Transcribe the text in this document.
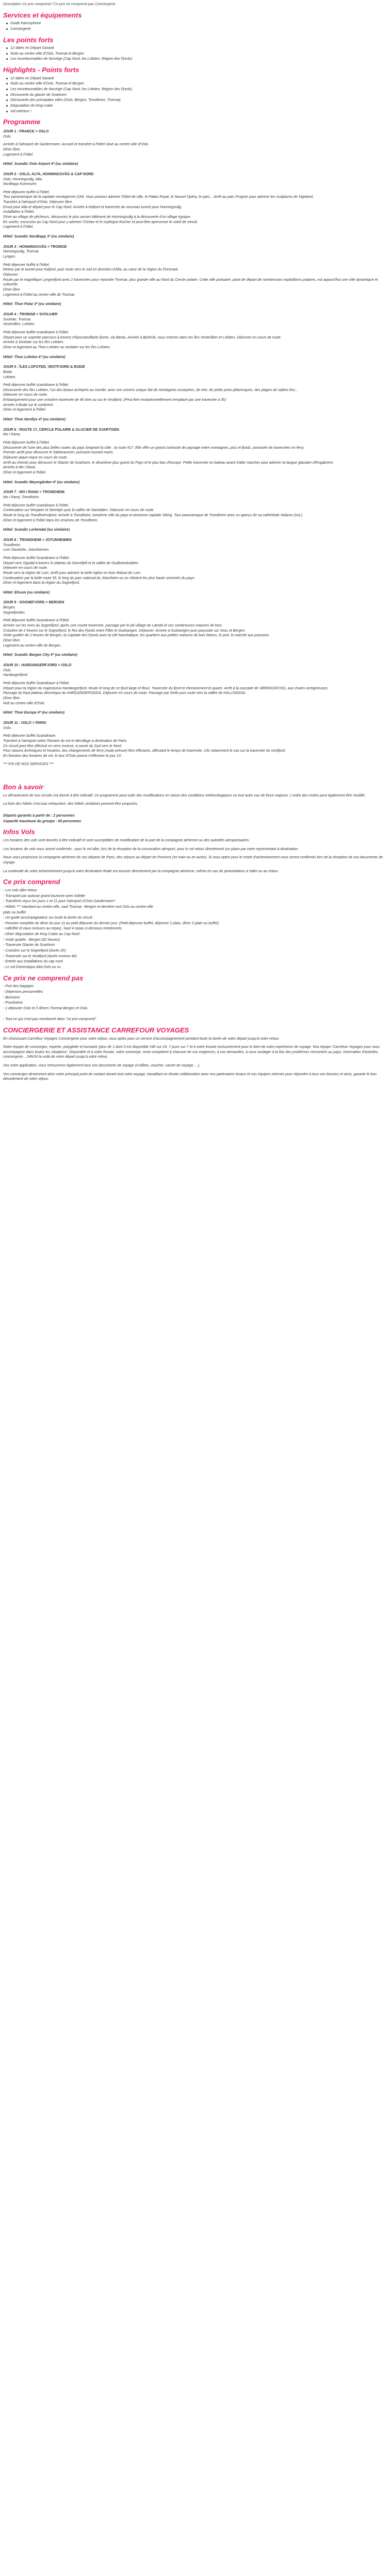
Description Ce prix comprend / Ce prix ne comprend pas Conciergerie

Services et équipements
Guide francophone
Conciergerie
Les points forts
12 dates en Départ Garanti
Nuits au centre-ville d'Oslo, Tromsø et Bergen
Les incontournables de Norvège (Cap Nord, les Lofoten, Région des Fjords)
Highlights - Points forts
12 dates en Départ Garanti
Nuits au centre-ville d'Oslo, Tromsø et Bergen
Les incontournables de Norvège (Cap Nord, les Lofoten, Région des Fjords)
Découverte du glacier de Svartisen
Découverte des principales villes (Oslo, Bergen, Trondheim, Tromsø)
Dégustation de King crabe
Vol intérieur !
Programme

JOUR 1 : FRANCE > OSLO

Oslo.

Arrivée à l'aéroport de Gardermoen. Accueil et transfert à l'hôtel situé au centre-ville d'Oslo.

Dîner libre.

Logement à l'hôtel.

Hôtel: Scandic Oslo Airport 4* (ou similaire)

JOUR 2 : OSLO, ALTA, HONNINGSVÅG & CAP NORD

Oslo, Honningsvåg, Alta.

Nordkapp Kommune.

Petit déjeuner buffet à l'hôtel.

Tour panoramique de la capitale norvégienne (1h9. Vous pourrez admirer l'hôtel de ville, le Palais Royal, le Nouvel Opéra, le parc... Arrêt au parc Frogner pour admirer les sculptures de Vigeland.

Transfert à l'aéroport d'Oslo. Déjeuner libre.

Envol pour Alta et départ pour le Cap Nord. Arrivée à Kafjord et traversée du nouveau tunnel pour Honningsvåg.

Installation à l'hôtel.

Dîner au village de pêcheurs, découvrez le plus ancien bâtiment de Honningsvåg à la découverte d'un village typique.

En soirée, excursion au Cap Nord pour y admirer l'Océan et le mythique Rocher et peut-être apercevoir le soleil de minuit.

Logement à l'hôtel.

Hôtel: Scandic Nordkapp 3* (ou similaire)

JOUR 3 : HONNINGSVÅG > TROMSØ

Honningsvåg, Tromsø.

Lyngen.

Petit déjeuner buffet à l'hôtel.

Retour par le tunnel pour Kafjord, puis route vers le sud en direction d'Alta, au cœur de la région du Finnmark.

Déjeuner.

Route par le magnifique Lyngenfjord avec 2 traversées pour rejoindre Tromsø, plus grande ville au Nord du Cercle polaire. Cette ville portuaire, point de départ de nombreuses expéditions polaires, est aujourd'hui une ville dynamique et culturelle.

Dîner libre.

Logement à l'hôtel au centre-ville de Tromsø.

Hôtel: Thon Polar 3* (ou similaire)

JOUR 4 : TROMSØ > SVOLVÆR

Svolvær, Tromsø.

Vesterålen, Lofoten.

Petit déjeuner buffet scandinave à l'hôtel.

Départ pour un superbe parcours à travers d'époustouflants fjords, via Bardu, Arrivée à Bjerkvik, nous entrons dans les îles Vesterålen et Lofoten. Déjeuner en cours de route.

Arrivée à Svolvær sur les îles Lofoten.

Dîner et logement au Thon Lofoten ou similaire sur les îles Lofoten.

Hôtel: Thon Lofoten 4* (ou similaire)

JOUR 5 : ÎLES LOFOTEN, VESTFJORD & BODØ

Bodø.

Lofoten.

Petit déjeuner buffet scandinave à l'hôtel.

Découverte des îles Lofoten, l'un des beaux archipels au monde, avec son univers unique fait de montagnes escarpées, de mer, de petits ports pittoresques, des plages de sables fins...

Déjeuner en cours de route.

Embarquement pour une croisière traversée de 4h bien au sur le Vestfjord. (Peut être exceptionnellement remplacé par une traversée à 3h)

Arrivée à Bodø sur le continent.

Dîner et logement à l'hôtel.

Hôtel: Thon Nordlys 4* (ou similaire)

JOUR 6 : ROUTE 17, CERCLE POLAIRE & GLACIER DE SVARTISEN

Mo I Rana.

Petit déjeuner buffet à l'hôtel.

Découverte de l'une des plus belles routes du pays longeant la côte : la route #17. Elle offre un grand contraste de paysage entre montagnes, pics et fjords, ponctuée de traversées en ferry.

Premier arrêt pour découvrir le Saltstraumen, puissant courant marin.

Déjeuner pique-nique en cours de route.

Arrêt au chemin pour découvrir le Glacier de Svartisen, le deuxième plus grand du Pays et le plus bas d'Europe. Petite traversée en bateau avant d'aller marcher pour admirer la langue glaciaire d'Engabreen.

Arrivée à Mo i Rana.

Dîner et logement à l'hôtel.

Hôtel: Scandic Meyergården 4* (ou similaire)

JOUR 7 : MO I RANA > TRONDHEIM

Mo I Rana, Trondheim.

Petit déjeuner buffet scandinave à l'hôtel.

Continuation sur Mosjøen et Steinkjer puis la vallée de Namdalen. Déjeuner en cours de route.

Route le long du Trondheimsfjord. Arrivée à Trondheim, troisième ville du pays et ancienne capitale Viking. Tour panoramique de Trondheim avec un aperçu de sa cathédrale Nidaros (ext.).

Dîner et logement à l'hôtel dans les environs de Trondheim.

Hôtel: Scandic Lerkendal (ou similaire)

JOUR 8 : TRONDHEIM > JOTUNHEIMEN

Trondheim.

Lom Stavkirke, Jotunheimen.

Petit déjeuner buffet Scandinave à l'hôtel.

Départ vers Oppdal à travers le plateau du Dovrefjell et la vallée de Gudbrandsdalen.

Déjeuner en cours de route.

Route vers la région de Lom. Arrêt pour admirer la belle église en bois debout de Lom.

Continuation par la belle route 55, le long du parc national du Jotunheim ou se côtoient les plus hauts sommets du pays.

Dîner et logement dans la région du Sognefjord.

Hôtel: Elisum (ou similaire)

JOUR 9 : SOGNEFJORD > BERGEN

Bergen.

Sognefjorden.

Petit déjeuner buffet Scandinave à l'hôtel.

Arrivée sur les rives du Sognefjord, après une courte traversée, passage par le joli village de Lærdal et ses nombreuses maisons de bois.

Croisière de 2 heures sur le Sognefjord, le Roi des Fjords entre Flåm et Gudvangen. Déjeuner. Arrivée à Gudvangen puis poursuite sur Voss et Bergen.

Visite guidée de 2 heures de Bergen, la Capitale des Fjords avec la cité hanséatique, les quartiers aux petites maisons de bois blancs, le port, le marché aux poissons.

Dîner libre.

Logement au centre-ville de Bergen.

Hôtel: Scandic Bergen City 4* (ou similaire)

JOUR 10 : HARDANGERFJORD > OSLO

Oslo.

Hardangerfjord.

Petit déjeuner buffet Scandinave à l'hôtel.

Départ pour la région du majestueux Hardangerfjord. Route le long de ce fjord large et fleuri. Traversée du fjord et cheminement le quartz. Arrêt à la cascade de VØRINGSFOSS, aux chutes vertigineuses.

Passage du haut plateau désertique du HARDANGERVIDDA. Déjeuner en cours de route. Passage par Geilo puis route vers la vallée de HALLINGDAL.

Dîner libre.

Nuit au centre-ville d'Oslo.

Hôtel: Thon Europa 4* (ou similaire)

JOUR 11 : OSLO > PARIS

Oslo.

Petit déjeuner buffet Scandinave.

Transfert à l'aéroport selon l'horaire du vol et décollage à destination de Paris.

Ce circuit peut être effectué en sens inverse, à savoir du Sud vers le Nord.

Pour raisons techniques et horaires, des changements de ferry (route prévue) être effectués, affectant le temps de traversée, s'ils notamment le cas sur la traversée du vestfjord.

En fonction des horaires de vol, le tour d'Oslo pourra s'effectuer le jour 10 :

*** FIN DE NOS SERVICES ***

Bon à savoir

Le déroulement de nos circuits est donné à titre indicatif. Ce programme peut subir des modifications en raison des conditions météorologiques ou tout autre cas de force majeure. L'ordre des visites peut également être modifié.

La liste des hôtels n'est pas exhaustive, des hôtels similaires peuvent être proposés.

Départs garantis à partir de : 2 personnes

Capacité maximum du groupe : 45 personnes

Infos Vols

Les horaires des vols vont donnés à titre indicatif et sont susceptibles de modification de la part de la compagnie aérienne ou des autorités aéroportuaires.

Les horaires de vols vous seront confirmés : pour le vol aller, lors de la réception de la convocation aéroport, pour le vol retour directement sur place par votre représentant à destination.

Nous vous proposons la compagnie aérienne de vos départs de Paris, des séjours au départ de Province (en train ou en avion). Si vous optez pour le mode d'acheminement vous seront confirmés lors de la réception de vos documents de voyage.

La continuité de votre acheminement jusqu'à votre destination finale est assurer directement par la compagnie aérienne, même en cas de perturbations à l'aller ou au retour.

Ce prix comprend

- Les vols aller-retour

- Transport par autocar grand tourisme avec toilette

- Transferts reçus les jours 1 et 11 pour l'aéroport d'Oslo Gardermoen*

- Hôtels *** standard au centre-ville, sauf Tromsø - Bergen et dernière nuit Oslo au centre-ville

plats ou buffet

- Un guide accompagnateur sur toute la durée du circuit

- Pension complète du dîner du jour 11 au petit déjeuner du dernier jour. (Petit-déjeuner buffet, déjeuner 2 plats, dîner 3 plats ou buffet)

- café/thé et eaux incluses au repas). Sauf 4 repas ci-dessous mentionnés

- Dîner dégustation de King Crabe au Cap Nord

- Visite guidée : Bergen (02 heures)

- Traversée Glacier de Svartisen

- Croisière sur le Sognefjord (durée 2h)

- Traversée sur le Vestfjord (durée environ 4h)

- Entrée aux installations du cap nord

- Le vol Domestique Alta-Oslo ou vv.

Ce prix ne comprend pas

- Port des bagages

- Dépenses personnelles

- Boissons

- Pourboires

- 1 déjeuner Oslo et 3 dîners Tromsø Bergen et Oslo.

- Tout ce qui n'est pas mentionné dans "ce prix comprend"

CONCIERGERIE ET ASSISTANCE CARREFOUR VOYAGES

En choisissant Carrefour Voyages Conciergerie pour votre séjour, vous optez pour un service d'accompagnement pendant toute la durée de votre départ jusqu'à votre retour.

Notre équipe de concierges, experte, polyglotte et humaine (plus de 1 dont 3 est disponible 24h sur 24, 7 jours sur 7 et à votre écoute exclusivement pour le bien-de votre expérience de voyage. Nos équipe 'Carrefour Voyages pour vous accompagner dans toutes les situations'. Disponible et à votre écoute, votre concierge, reste compétent à chacune de vos exigences, à vos demandes, à vous soulager à la fois des problèmes rencontrés au pays, réservation d'activités, conciergerie... 24h/24 la voilà de votre départ jusqu'à votre retour.

Vos votre application, vous retrouverez également tous vos documents de voyage (e-billets, voucher, carnet de voyage, ...).

Vos concierges deviennent alors votre principal point de contact durant tout votre voyage, travaillant en étroite collaboration avec nos partenaires locaux et nos équipes internes pour répondre à tous vos besoins et ainsi, garantir le bon déroulement de votre séjour.
